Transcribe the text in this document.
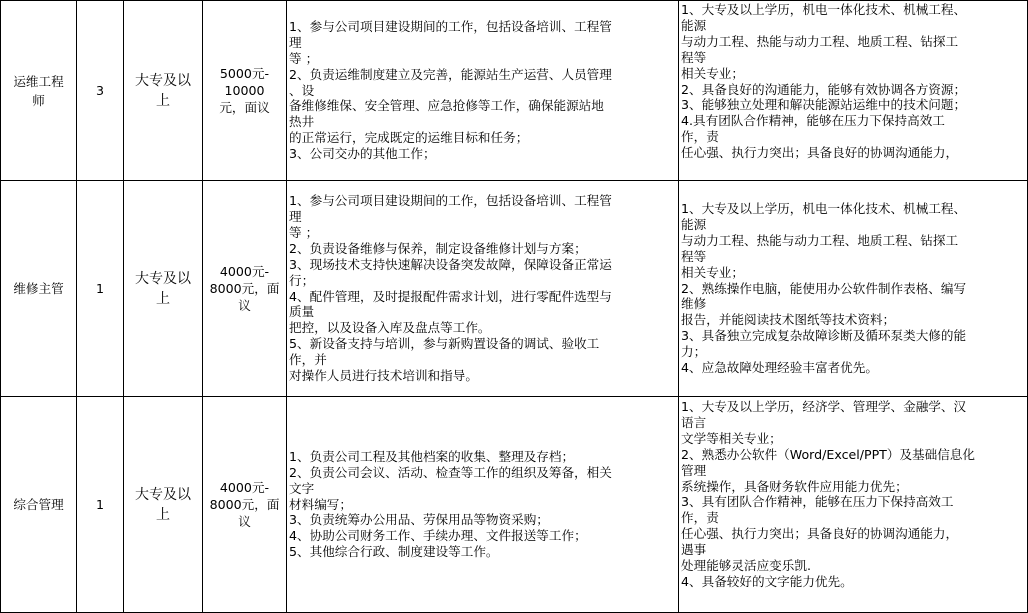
运维工程
师
3
大专及以
上
5000元-
10000
元，面议
1、参与公司项目建设期间的工作，包括设备培训、工程管
理
等 ；
2、负责运维制度建立及完善，能源站生产运营、人员管理
、设
备维修维保、安全管理、应急抢修等工作，确保能源站地
热井
的正常运行，完成既定的运维目标和任务；
3、公司交办的其他工作；
1、大专及以上学历，机电一体化技术、机械工程、
能源
与动力工程、热能与动力工程、地质工程、钻探工
程等
相关专业；
2、具备良好的沟通能力，能够有效协调各方资源；
3、能够独立处理和解决能源站运维中的技术问题；
4.具有团队合作精神，能够在压力下保持高效工
作，责
任心强、执行力突出；具备良好的协调沟通能力，
维修主管	1
大专及以
上
4000元-
8000元，面
议
1、参与公司项目建设期间的工作，包括设备培训、工程管
理
等 ；
2、负责设备维修与保养，制定设备维修计划与方案；
3、现场技术支持快速解决设备突发故障，保障设备正常运
行；
4、配件管理，及时提报配件需求计划，进行零配件选型与
质量
把控，以及设备入库及盘点等工作。
5、新设备支持与培训，参与新购置设备的调试、验收工
作，并
对操作人员进行技术培训和指导。
1、大专及以上学历，机电一体化技术、机械工程、
能源
与动力工程、热能与动力工程、地质工程、钻探工
程等
相关专业；
2、熟练操作电脑，能使用办公软件制作表格、编写
维修
报告，并能阅读技术图纸等技术资料；
3、具备独立完成复杂故障诊断及循环泵类大修的能
力；
4、应急故障处理经验丰富者优先。
综合管理	1
大专及以
上
4000元-
8000元，面
议
1、负责公司工程及其他档案的收集、整理及存档；
2、负责公司会议、活动、检查等工作的组织及筹备，相关
文字
材料编写；
3、负责统筹办公用品、劳保用品等物资采购；
4、协助公司财务工作、手续办理、文件报送等工作；
5、其他综合行政、制度建设等工作。
1、大专及以上学历，经济学、管理学、金融学、汉
语言
文学等相关专业；
2、熟悉办公软件（Word/Excel/PPT）及基础信息化
管理
系统操作，具备财务软件应用能力优先；
3、具有团队合作精神，能够在压力下保持高效工
作，责
任心强、执行力突出；具备良好的协调沟通能力，
遇事
处理能够灵活应变乐凯.
4、具备较好的文字能力优先。
